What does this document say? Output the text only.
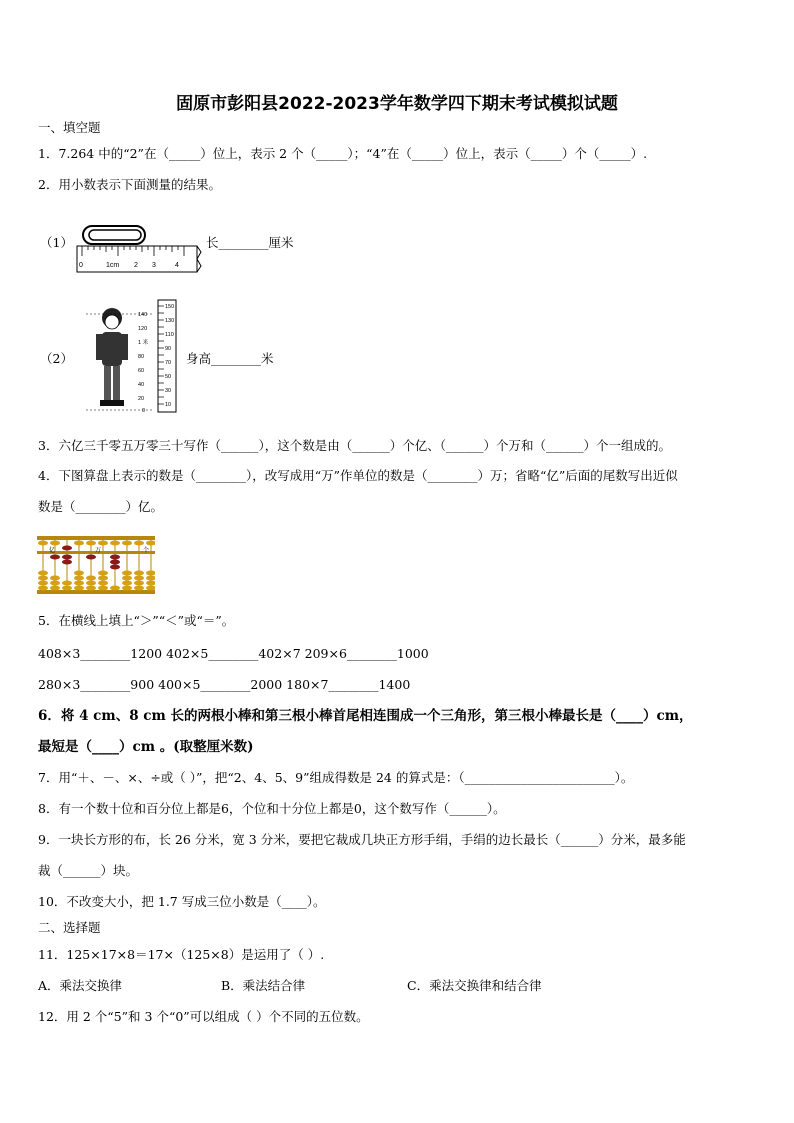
固原市彭阳县2022-2023学年数学四下期末考试模拟试题
一、填空题
1．7.264 中的“2”在（_____）位上，表示 2 个（_____）；“4”在（_____）位上，表示（_____）个（_____）.
2．用小数表示下面测量的结果。
（1）
0	1cm 2 3	4
长________厘米
（2）
150
130
110
90
70
50
30
10
140
120
1 米
80
60
40
20
0
身高________米
3．六亿三千零五万零三十写作（______），这个数是由（______）个亿、（______）个万和（______）个一组成的。
4．下图算盘上表示的数是（________），改写成用“万”作单位的数是（________）万；省略“亿”后面的尾数写出近似
数是（________）亿。
亿	万	个
5．在横线上填上“＞”“＜”或“＝”。
408×3________1200 402×5________402×7 209×6________1000
280×3________900 400×5________2000 180×7________1400
6．将 4 cm、8 cm 长的两根小棒和第三根小棒首尾相连围成一个三角形，第三根小棒最长是（____）cm，
最短是（____）cm 。(取整厘米数)
7．用“＋、－、×、÷或（ ）”，把“2、4、5、9”组成得数是 24 的算式是：（________________________）。
8．有一个数十位和百分位上都是6，个位和十分位上都是0，这个数写作（______）。
9．一块长方形的布，长 26 分米，宽 3 分米，要把它裁成几块正方形手绢，手绢的边长最长（______）分米，最多能
裁（______）块。
10．不改变大小，把 1.7 写成三位小数是（____）。
二、选择题
11．125×17×8＝17×（125×8）是运用了（ ）.
A．乘法交换律	B．乘法结合律	C．乘法交换律和结合律
12．用 2 个“5”和 3 个“0”可以组成（ ）个不同的五位数。
